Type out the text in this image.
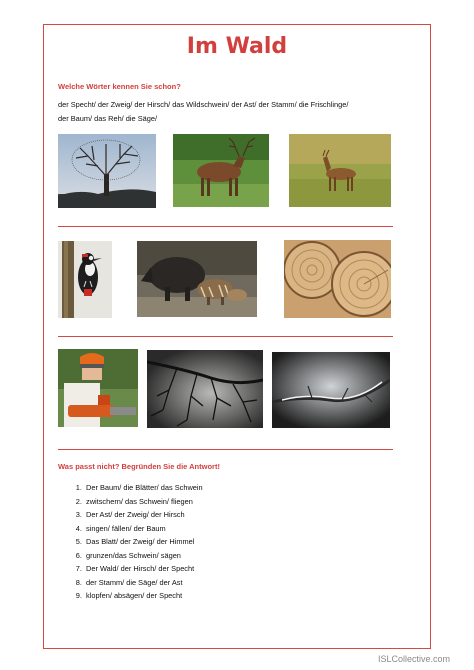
Im Wald
Welche Wörter kennen Sie schon?
der Specht/ der Zweig/ der Hirsch/ das Wildschwein/ der Ast/ der Stamm/ die Frischlinge/
der Baum/ das Reh/ die Säge/
Was passt nicht? Begründen Sie die Antwort!
1. Der Baum/ die Blätter/ das Schwein
2. zwitschern/ das Schwein/ fliegen
3. Der Ast/ der Zweig/ der Hirsch
4. singen/ fällen/ der Baum
5. Das Blatt/ der Zweig/ der Himmel
6. grunzen/das Schwein/ sägen
7. Der Wald/ der Hirsch/ der Specht
8. der Stamm/ die Säge/ der Ast
9. klopfen/ absägen/ der Specht
ISLCollective.com
